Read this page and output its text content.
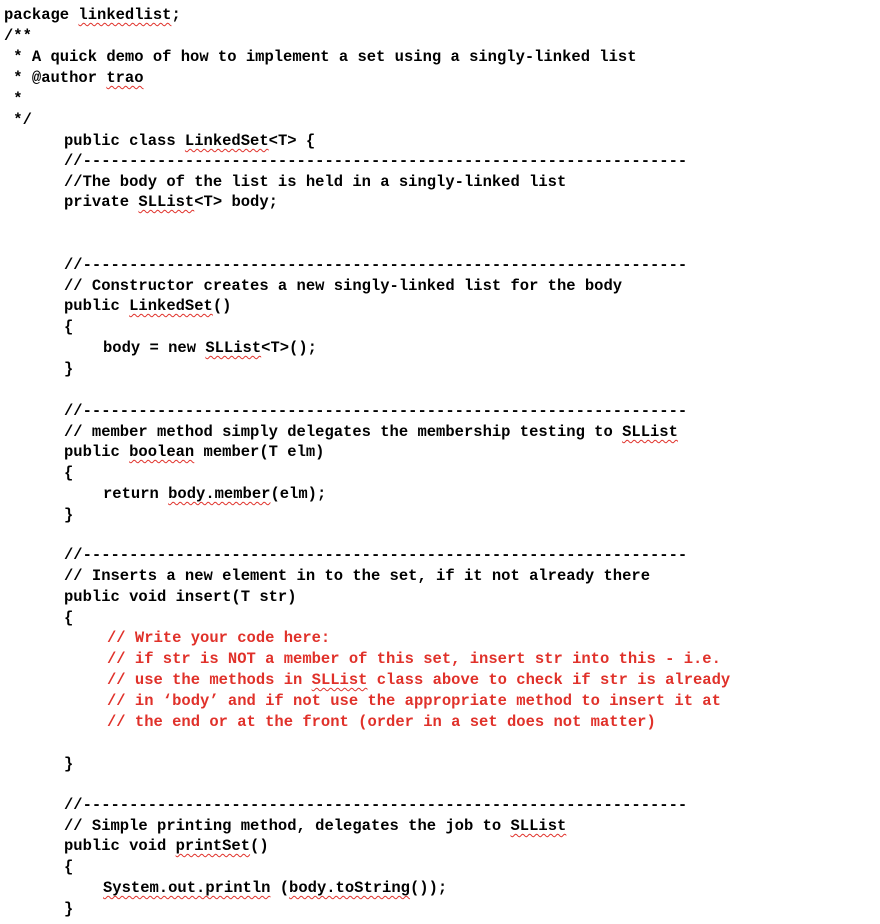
package linkedlist;
/**
* A quick demo of how to implement a set using a singly-linked list
* @author trao
*
*/
public class LinkedSet<T> {
//-----------------------------------------------------------------
//The body of the list is held in a singly-linked list
private SLList<T> body;
//-----------------------------------------------------------------
// Constructor creates a new singly-linked list for the body
public LinkedSet()
{
body = new SLList<T>();
}
//-----------------------------------------------------------------
// member method simply delegates the membership testing to SLList
public boolean member(T elm)
{
return body.member(elm);
}
//-----------------------------------------------------------------
// Inserts a new element in to the set, if it not already there
public void insert(T str)
{
// Write your code here:
// if str is NOT a member of this set, insert str into this - i.e.
// use the methods in SLList class above to check if str is already
// in ‘body’ and if not use the appropriate method to insert it at
// the end or at the front (order in a set does not matter)
}
//-----------------------------------------------------------------
// Simple printing method, delegates the job to SLList
public void printSet()
{
System.out.println (body.toString());
}
